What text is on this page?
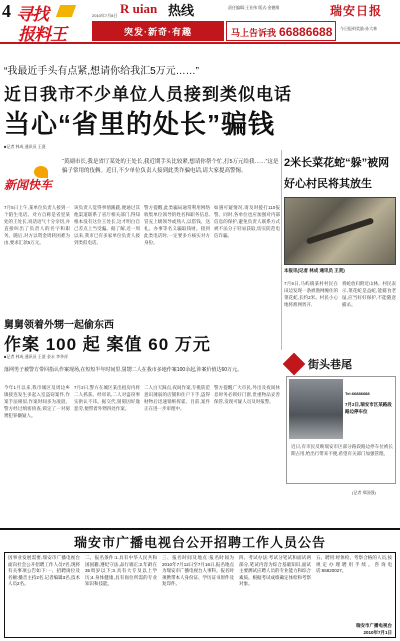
4 寻找
报料王
2010年7月8日 R uian 热线	责任编辑:王业伟 版式:金德维	瑞安日报
突发·新奇·有趣	马上告诉我 66886688 今日报料奖励:孙大林
“我最近手头有点紧,想请你给我汇5万元……”
近日我市不少单位人员接到类似电话
当心“省里的处长”骗钱
■记者 林成 通讯员 王贤
新闻快车
“黄副市长,我是省厅某处的王处长,我近期手头比较紧,想请你帮个忙,打5万元给我……”这是骗子常用的伎俩。近日,不少单位负责人接到此类诈骗电话,请大家提高警惕。
7月5日上午,某单位负责人接到一个陌生电话。对方自称是省里某处的王处长,说话语气十分亲切,并直接叫出了负责人的名字和职务。随后,对方以资金周转困难为由,要求汇款5万元。
该负责人觉得事情蹊跷,便通过其他渠道联系了省厅相关部门,得知根本没有这位王处长,这才明白自己差点上当受骗。据了解,近一周以来,我市已有多家单位负责人接到类似电话。
警方提醒,此类骗局通常利用网络收集单位领导的姓名和职务信息,冒充上级领导或熟人,以借钱、送礼、办事等名义骗取钱财。接到此类电话时,一定要多方核实对方身份。
如遇可疑情况,请及时拨打110报警。同时,各单位也应加强对内部信息的保护,避免负责人联系方式被不法分子轻易获取,切实防范电信诈骗。
2米长菜花蛇“躲”被网
好心村民将其放生
本报讯(记者 林成 通讯员 王贤)
7月6日,马屿镇某村村民在田边发现一条被渔网缠住的菜花蛇,长约2米。村民小心地将渔网剪开,
将蛇放归附近山林。村民表示,菜花蛇是益蛇,能捕食老鼠,应当好好保护,不能随意捕杀。
舅舅领着外甥一起偷东西
作案 100 起 案值 60 万元
■记者 林成 通讯员 王贤 金永 李华祥
落网男子被警方带回指认作案现场,在短短半年时间里,舅甥二人在我市多地作案100余起,涉案价值达60万元。
今年1月以来,我市城区及周边乡镇接连发生多起入室盗窃案件,作案手法相似,作案时间多为凌晨。警方经过缜密侦查,锁定了一对舅甥犯罪嫌疑人。
7月2日,警方在城区某出租房内将二人抓获。经审讯,二人对盗窃事实供认不讳。据交代,舅舅因好逸恶劳,便带着外甥四处作案。
二人白天踩点,夜间作案,专挑防范意识薄弱的店铺和住户下手,盗得财物后迅速销赃挥霍。目前,案件正在进一步审理中。
警方提醒广大市民,外出及夜间休息时务必锁好门窗,贵重物品妥善保管,发现可疑人员及时报警。
街头巷尾
Tel:66886688
7月2日,瑞安市区某路段路边停车位
近日,有市民反映瑞安市区部分路段路边停车位被长期占用,给出行带来不便,希望有关部门加强管理。
(记者 郑国强)
瑞安市广播电视台公开招聘工作人员公告
因事业发展需要,瑞安市广播电视台面向社会公开招聘工作人员7名,现将有关事项公告如下:一、招聘岗位及名额:播音主持2名,记者编辑3名,技术人员2名。
二、报名条件:1.具有中华人民共和国国籍,遵纪守法,品行端正;2.年龄在35周岁以下;3.具有大专及以上学历;4.身体健康,具有岗位所需的专业知识和技能。
三、报名时间及地点:报名时间为2010年7月12日至7月16日,报名地点为瑞安市广播电视台人事科。报名时须携带本人身份证、学历证书原件及复印件。
四、考试办法:考试分笔试和面试两部分,笔试内容为综合基础知识,面试主要测试应聘人员的专业能力和综合素质。根据考试成绩确定体检和考察对象。
五、聘用:经体检、考察合格的人员,按规定办理聘用手续。咨询电话:65820027。
瑞安市广播电视台
2010年7月1日
